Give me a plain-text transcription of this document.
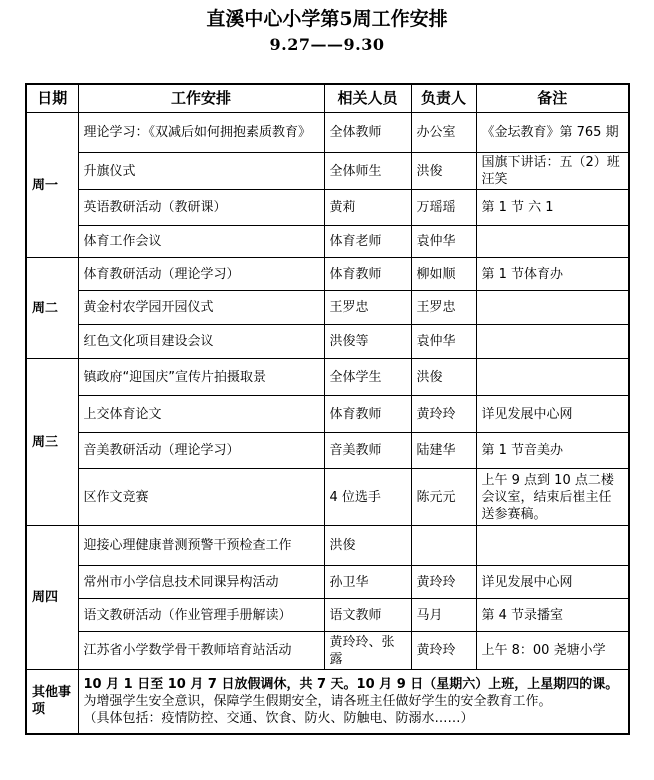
直溪中心小学第5周工作安排
9.27——9.30
日期	工作安排	相关人员	负责人	备注
周一	理论学习：《双减后如何拥抱素质教育》	全体教师	办公室	《金坛教育》第 765 期
	升旗仪式	全体师生	洪俊	国旗下讲话：五（2）班汪笑
	英语教研活动（教研课）	黄莉	万瑶瑶	第 1 节 六 1
	体育工作会议	体育老师	袁仲华	
周二	体育教研活动（理论学习）	体育教师	柳如顺	第 1 节体育办
	黄金村农学园开园仪式	王罗忠	王罗忠	
	红色文化项目建设会议	洪俊等	袁仲华	
周三	镇政府“迎国庆”宣传片拍摄取景	全体学生	洪俊	
	上交体育论文	体育教师	黄玲玲	详见发展中心网
	音美教研活动（理论学习）	音美教师	陆建华	第 1 节音美办
	区作文竞赛	4 位选手	陈元元	上午 9 点到 10 点二楼会议室，结束后崔主任送参赛稿。
周四	迎接心理健康普测预警干预检查工作	洪俊		
	常州市小学信息技术同课异构活动	孙卫华	黄玲玲	详见发展中心网
	语文教研活动（作业管理手册解读）	语文教师	马月	第 4 节录播室
	江苏省小学数学骨干教师培育站活动	黄玲玲、张露	黄玲玲	上午 8：00 尧塘小学
其他事项	10 月 1 日至 10 月 7 日放假调休，共 7 天。10 月 9 日（星期六）上班，上星期四的课。
为增强学生安全意识，保障学生假期安全，请各班主任做好学生的安全教育工作。
（具体包括：疫情防控、交通、饮食、防火、防触电、防溺水……）			
